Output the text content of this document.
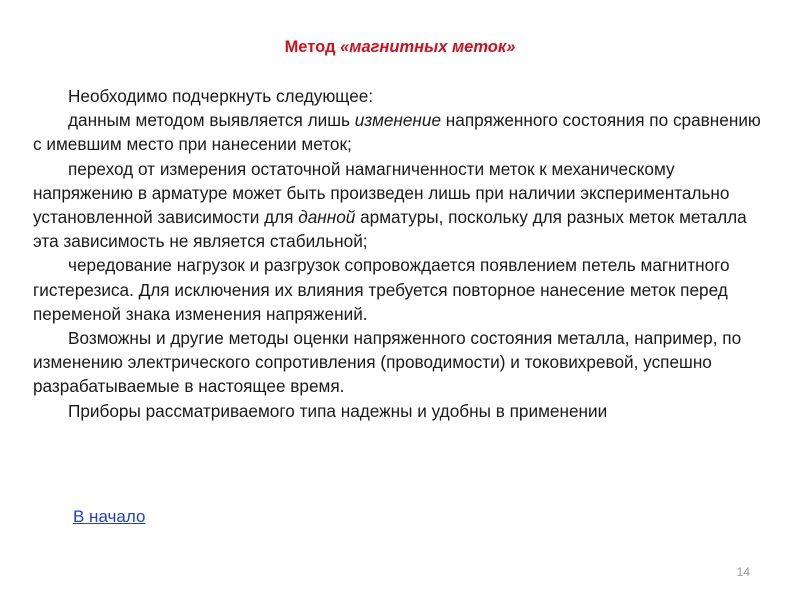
Метод «магнитных меток»

Необходимо подчеркнуть следующее:

данным методом выявляется лишь изменение напряженного состояния по сравнению с имевшим место при нанесении меток;

переход от измерения остаточной намагниченности меток к механическому напряжению в арматуре может быть произведен лишь при наличии экспериментально установленной зависимости для данной арматуры, поскольку для разных меток металла эта зависимость не является стабильной;

чередование нагрузок и разгрузок сопровождается появлением петель магнитного гистерезиса. Для исключения их влияния требуется повторное нанесение меток перед переменой знака изменения напряжений.

Возможны и другие методы оценки напряженного состояния металла, например, по изменению электрического сопротивления (проводимости) и токовихревой, успешно разрабатываемые в настоящее время.

Приборы рассматриваемого типа надежны и удобны в применении

В начало
14
